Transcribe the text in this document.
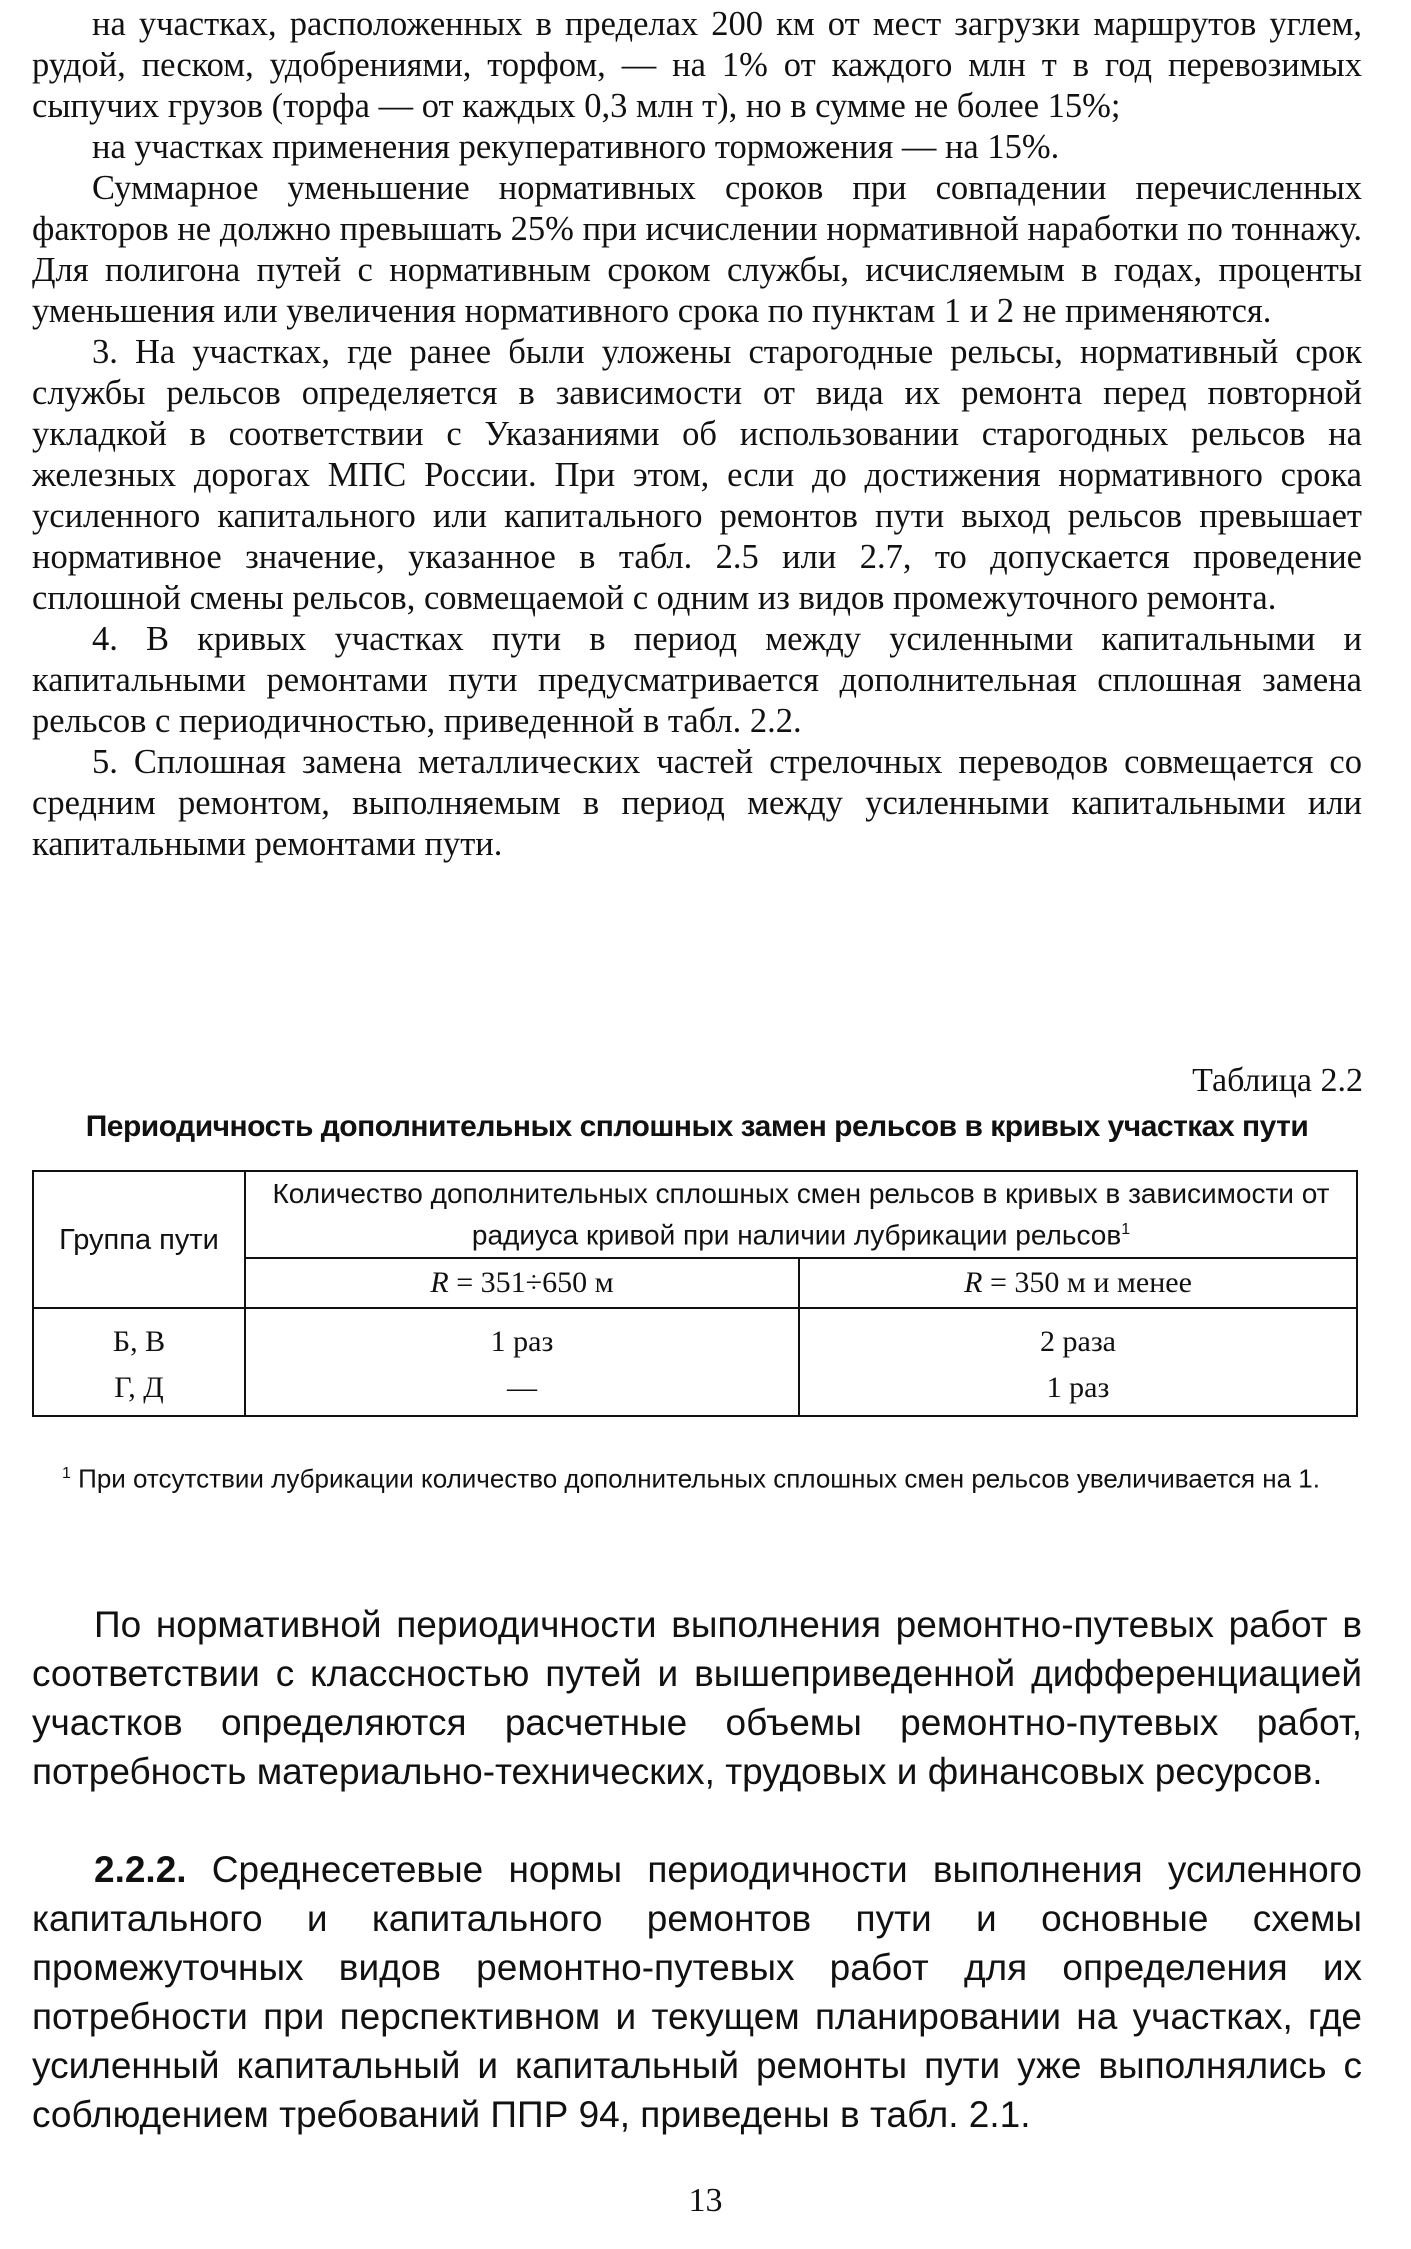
на участках, расположенных в пределах 200 км от мест загрузки маршрутов углем, рудой, песком, удобрениями, торфом, — на 1% от каждого млн т в год перевозимых сыпучих грузов (торфа — от каждых 0,3 млн т), но в сумме не более 15%;

на участках применения рекуперативного торможения — на 15%.

Суммарное уменьшение нормативных сроков при совпадении перечисленных факторов не должно превышать 25% при исчислении нормативной наработки по тоннажу. Для полигона путей с нормативным сроком службы, исчисляемым в годах, проценты уменьшения или увеличения нормативного срока по пунктам 1 и 2 не применяются.

3. На участках, где ранее были уложены старогодные рельсы, нормативный срок службы рельсов определяется в зависимости от вида их ремонта перед повторной укладкой в соответствии с Указаниями об использовании старогодных рельсов на железных дорогах МПС России. При этом, если до достижения нормативного срока усиленного капитального или капитального ремонтов пути выход рельсов превышает нормативное значение, указанное в табл. 2.5 или 2.7, то допускается проведение сплошной смены рельсов, совмещаемой с одним из видов промежуточного ремонта.

4. В кривых участках пути в период между усиленными капитальными и капитальными ремонтами пути предусматривается дополнительная сплошная замена рельсов с периодичностью, приведенной в табл. 2.2.

5. Сплошная замена металлических частей стрелочных переводов совмещается со средним ремонтом, выполняемым в период между усиленными капитальными или капитальными ремонтами пути.

Таблица 2.2
Периодичность дополнительных сплошных замен рельсов в кривых участках пути
Группа пути	Количество дополнительных сплошных смен рельсов в кривых в зависимости от радиуса кривой при наличии лубрикации рельсов$^1$
	R = 351÷650 м	R = 350 м и менее
Б, В	1 раз	2 раза
Г, Д	—	1 раз
$^1$ При отсутствии лубрикации количество дополнительных сплошных смен рельсов увеличивается на 1.

По нормативной периодичности выполнения ремонтно-путевых работ в соответствии с классностью путей и вышеприведенной дифференциацией участков определяются расчетные объемы ремонтно-путевых работ, потребность материально-технических, трудовых и финансовых ресурсов.

2.2.2. Среднесетевые нормы периодичности выполнения усиленного капитального и капитального ремонтов пути и основные схемы промежуточных видов ремонтно-путевых работ для определения их потребности при перспективном и текущем планировании на участках, где усиленный капитальный и капитальный ремонты пути уже выполнялись с соблюдением требований ППР 94, приведены в табл. 2.1.

13
